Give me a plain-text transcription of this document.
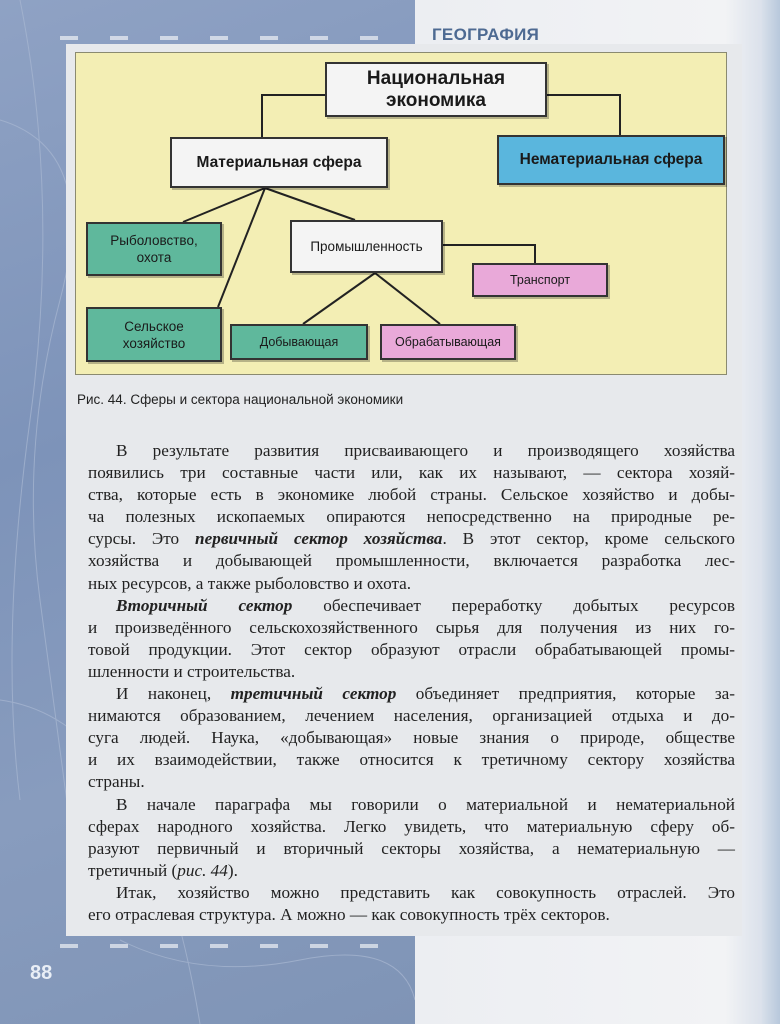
ГЕОГРАФИЯ
Национальная экономика
Материальная сфера	Нематериальная сфера
Рыболовство, охота
Промышленность
Транспорт
Сельское хозяйство	Добывающая	Обрабатывающая
Рис. 44. Сферы и сектора национальной экономики
В результате развития присваивающего и производящего хозяйства
появились три составные части или, как их называют, — сектора хозяй-
ства, которые есть в экономике любой страны. Сельское хозяйство и добы-
ча полезных ископаемых опираются непосредственно на природные ре-
сурсы. Это первичный сектор хозяйства. В этот сектор, кроме сельского
хозяйства и добывающей промышленности, включается разработка лес-
ных ресурсов, а также рыболовство и охота.
Вторичный сектор обеспечивает переработку добытых ресурсов
и произведённого сельскохозяйственного сырья для получения из них го-
товой продукции. Этот сектор образуют отрасли обрабатывающей промы-
шленности и строительства.
И наконец, третичный сектор объединяет предприятия, которые за-
нимаются образованием, лечением населения, организацией отдыха и до-
суга людей. Наука, «добывающая» новые знания о природе, обществе
и их взаимодействии, также относится к третичному сектору хозяйства
страны.
В начале параграфа мы говорили о материальной и нематериальной
сферах народного хозяйства. Легко увидеть, что материальную сферу об-
разуют первичный и вторичный секторы хозяйства, а нематериальную —
третичный (рис. 44).
Итак, хозяйство можно представить как совокупность отраслей. Это
его отраслевая структура. А можно — как совокупность трёх секторов.
88
